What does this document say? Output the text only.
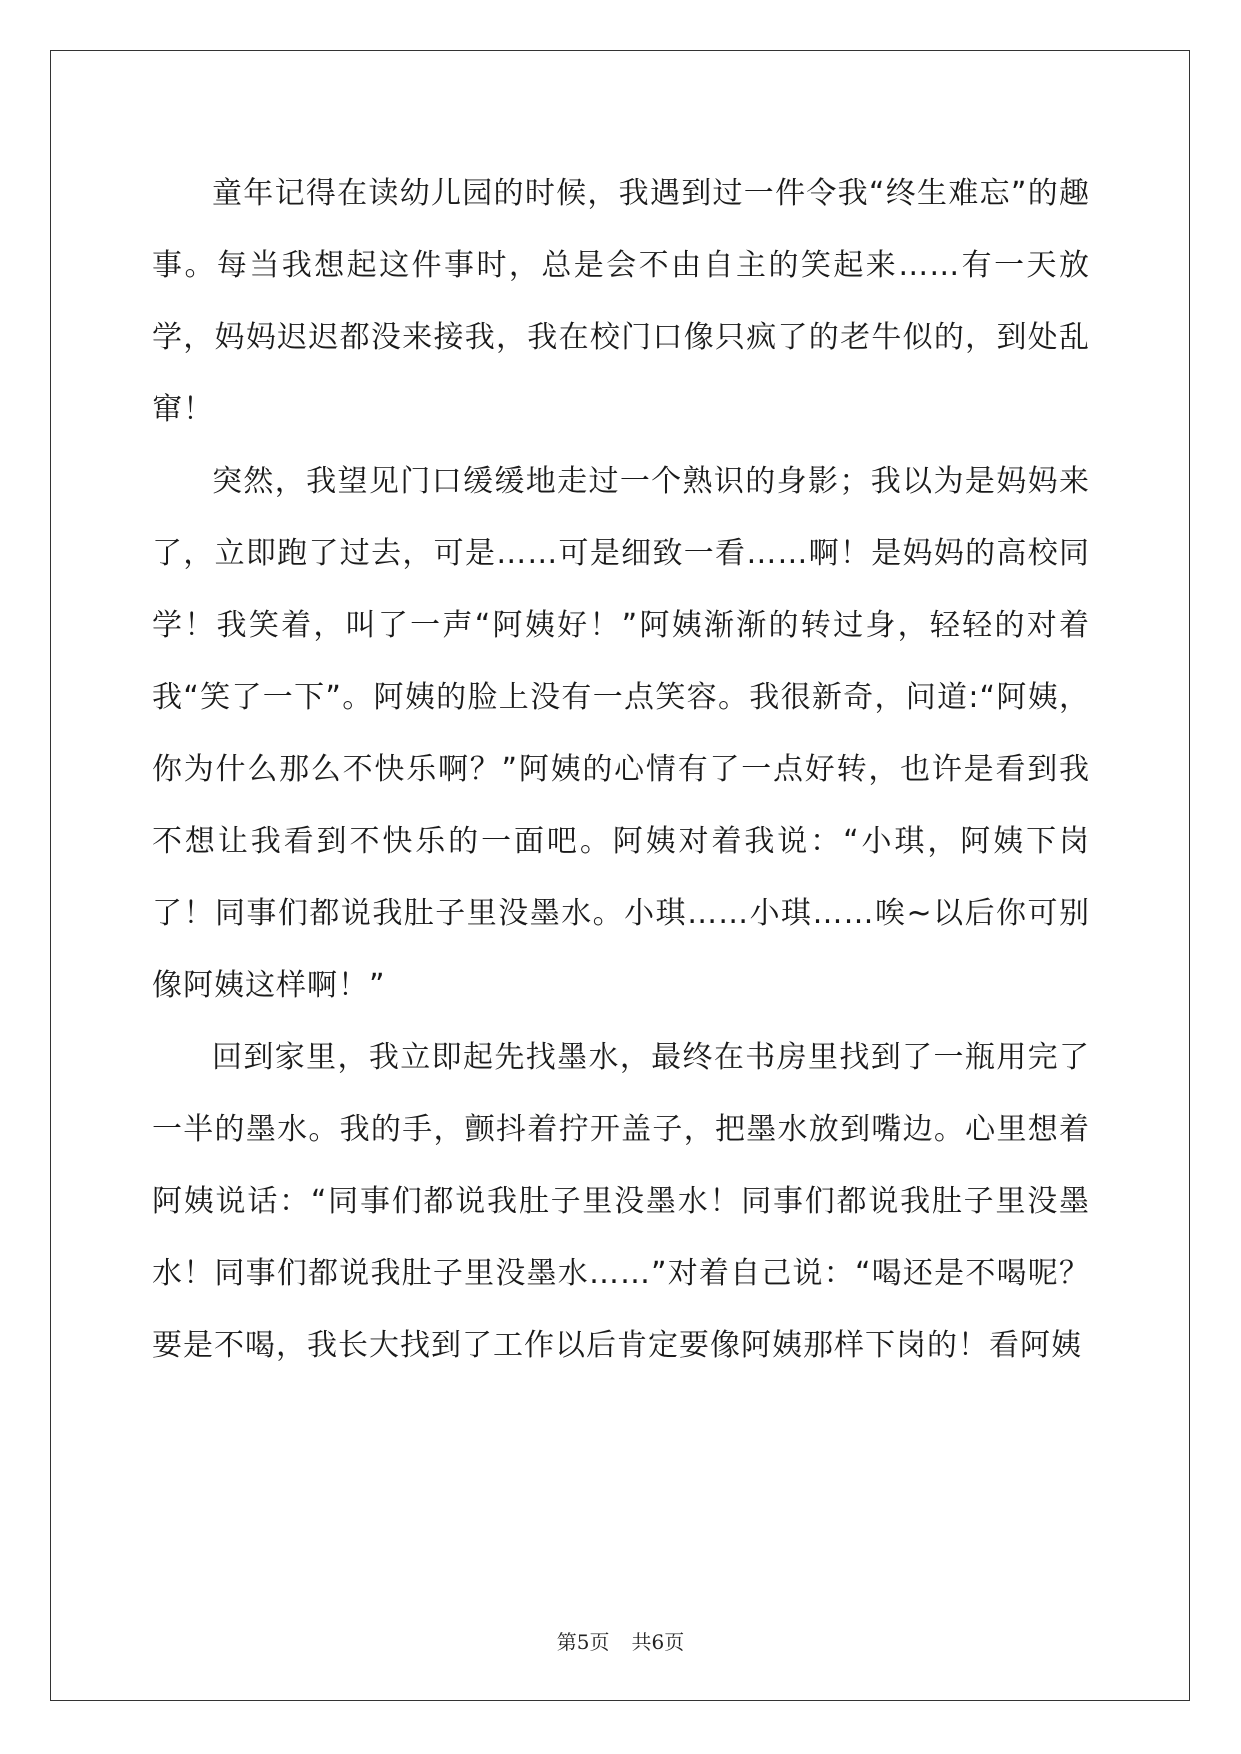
童年记得在读幼儿园的时候，我遇到过一件令我“终生难忘”的趣事。每当我想起这件事时，总是会不由自主的笑起来……有一天放学，妈妈迟迟都没来接我，我在校门口像只疯了的老牛似的，到处乱窜！

突然，我望见门口缓缓地走过一个熟识的身影；我以为是妈妈来了，立即跑了过去，可是……可是细致一看……啊！是妈妈的高校同学！我笑着，叫了一声“阿姨好！”阿姨渐渐的转过身，轻轻的对着我“笑了一下”。阿姨的脸上没有一点笑容。我很新奇，问道:“阿姨，你为什么那么不快乐啊？”阿姨的心情有了一点好转，也许是看到我不想让我看到不快乐的一面吧。阿姨对着我说：“小琪，阿姨下岗了！同事们都说我肚子里没墨水。小琪……小琪……唉~以后你可别像阿姨这样啊！”

回到家里，我立即起先找墨水，最终在书房里找到了一瓶用完了一半的墨水。我的手，颤抖着拧开盖子，把墨水放到嘴边。心里想着阿姨说话：“同事们都说我肚子里没墨水！同事们都说我肚子里没墨水！同事们都说我肚子里没墨水……”对着自己说：“喝还是不喝呢？要是不喝，我长大找到了工作以后肯定要像阿姨那样下岗的！看阿姨

第5页 共6页
